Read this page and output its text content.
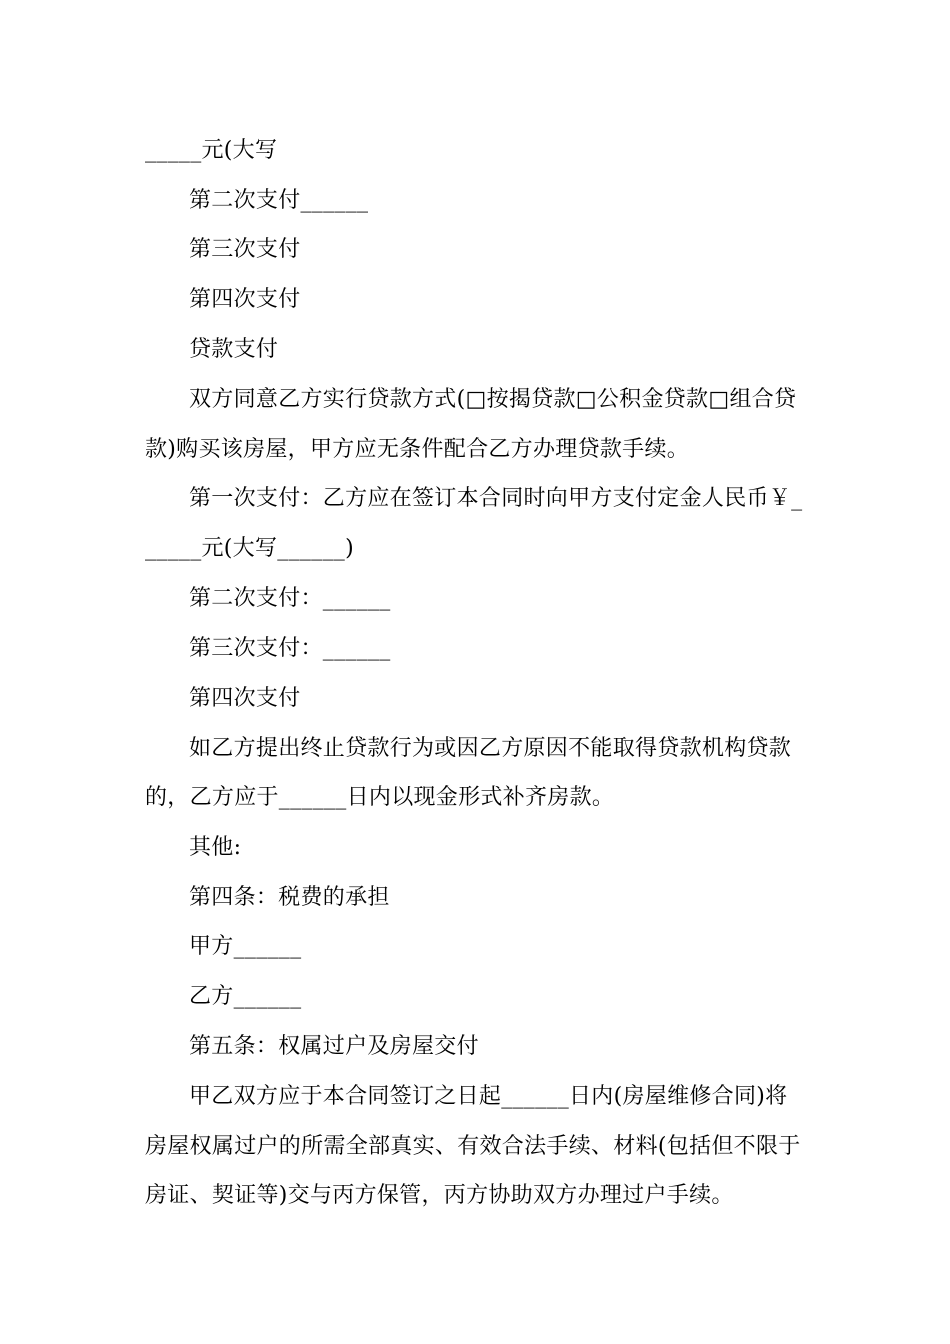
_____元(大写
第二次支付______
第三次支付
第四次支付
贷款支付
双方同意乙方实行贷款方式(□按揭贷款□公积金贷款□组合贷
款)购买该房屋，甲方应无条件配合乙方办理贷款手续。
第一次支付：乙方应在签订本合同时向甲方支付定金人民币￥_
_____元(大写______)
第二次支付：______
第三次支付：______
第四次支付
如乙方提出终止贷款行为或因乙方原因不能取得贷款机构贷款
的，乙方应于______日内以现金形式补齐房款。
其他:
第四条：税费的承担
甲方______
乙方______
第五条：权属过户及房屋交付
甲乙双方应于本合同签订之日起______日内(房屋维修合同)将
房屋权属过户的所需全部真实、有效合法手续、材料(包括但不限于
房证、契证等)交与丙方保管，丙方协助双方办理过户手续。
